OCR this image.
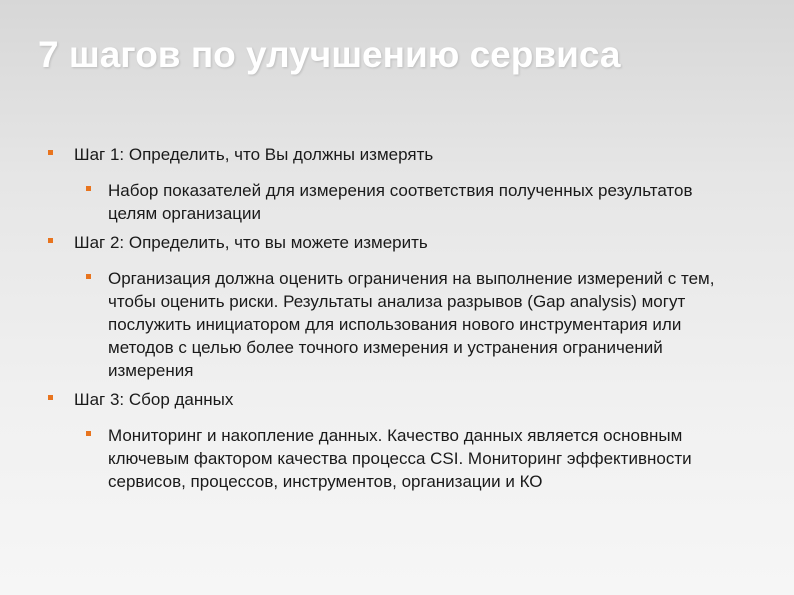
7 шагов по улучшению сервиса
Шаг 1: Определить, что Вы должны измерять
Набор показателей для измерения соответствия полученных результатов целям организации
Шаг 2: Определить, что вы можете измерить
Организация должна оценить ограничения на выполнение измерений с тем, чтобы оценить риски. Результаты анализа разрывов (Gap analysis) могут послужить инициатором для использования нового инструментария или методов с целью более точного измерения и устранения ограничений измерения
Шаг 3: Сбор данных
Мониторинг и накопление данных. Качество данных является основным ключевым фактором качества процесса CSI. Мониторинг эффективности сервисов, процессов, инструментов, организации и КО
